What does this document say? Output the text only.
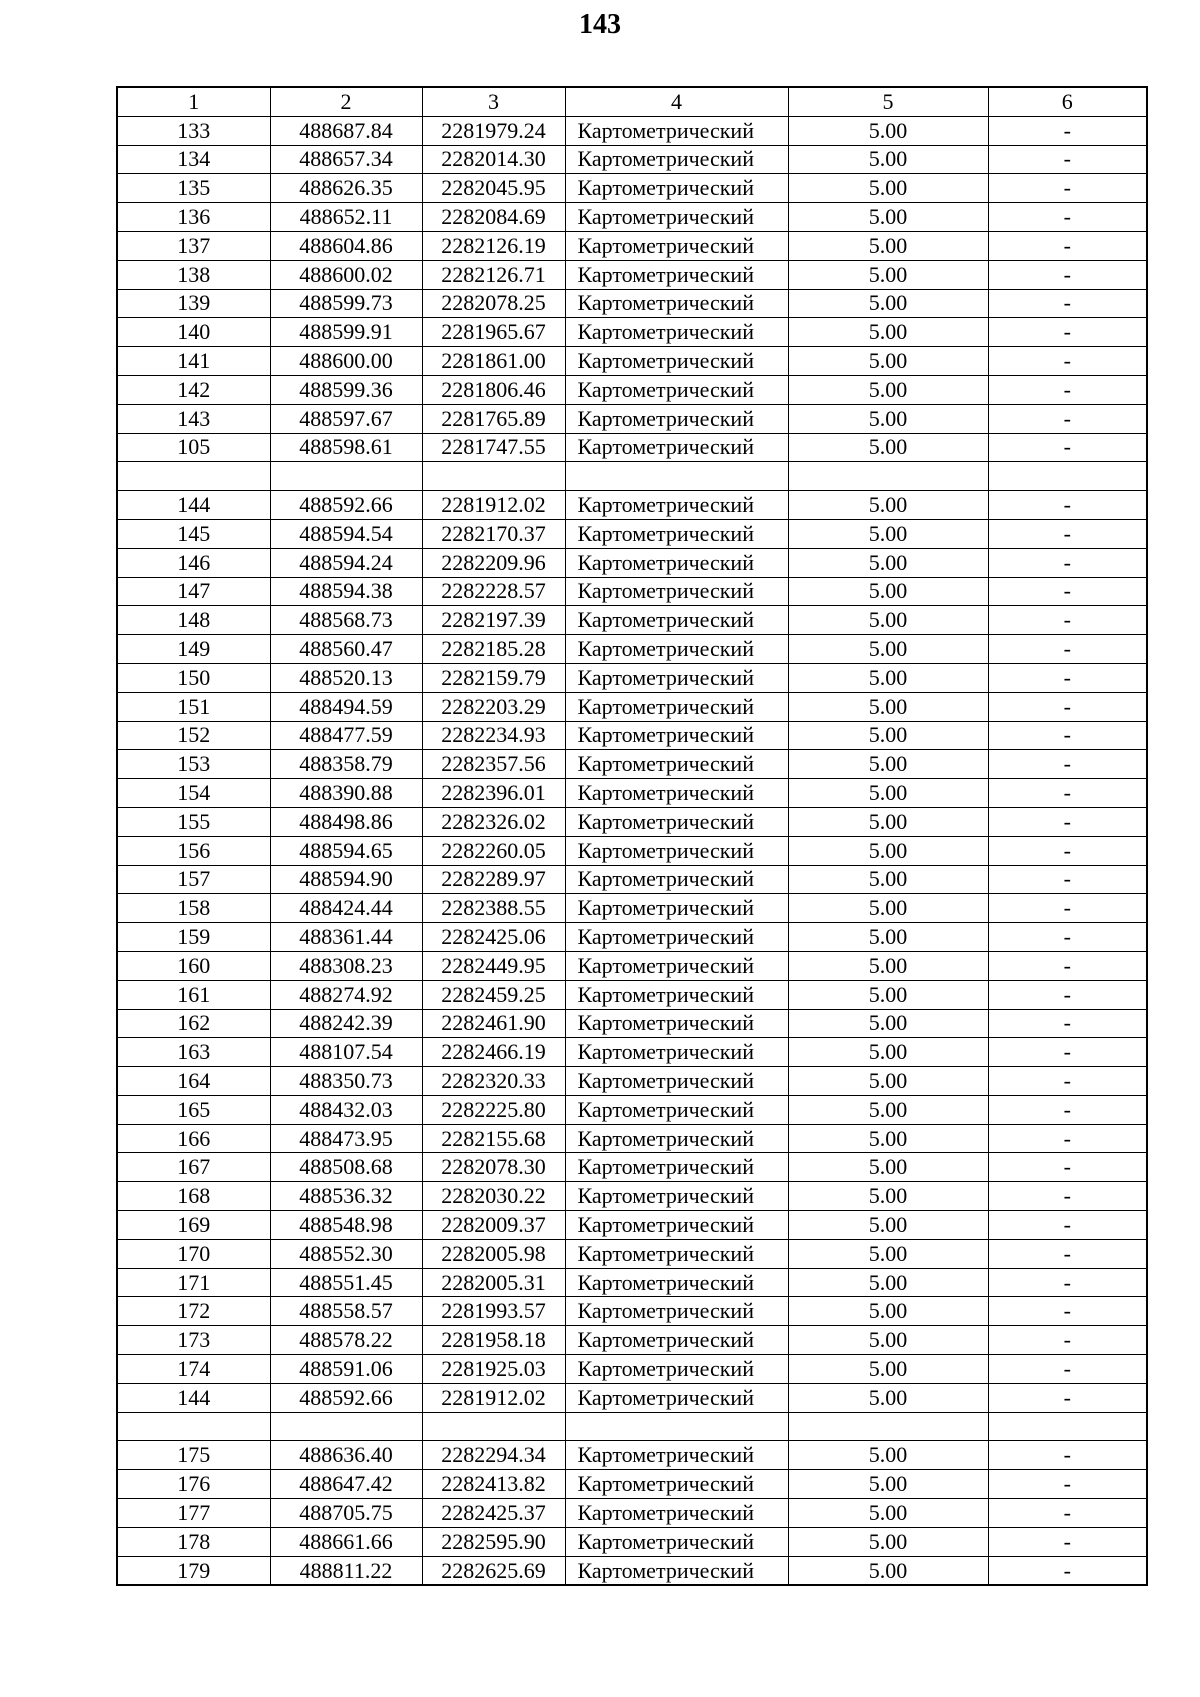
143
1	2	3	4	5	6
133	488687.84	2281979.24	Картометрический	5.00	-
134	488657.34	2282014.30	Картометрический	5.00	-
135	488626.35	2282045.95	Картометрический	5.00	-
136	488652.11	2282084.69	Картометрический	5.00	-
137	488604.86	2282126.19	Картометрический	5.00	-
138	488600.02	2282126.71	Картометрический	5.00	-
139	488599.73	2282078.25	Картометрический	5.00	-
140	488599.91	2281965.67	Картометрический	5.00	-
141	488600.00	2281861.00	Картометрический	5.00	-
142	488599.36	2281806.46	Картометрический	5.00	-
143	488597.67	2281765.89	Картометрический	5.00	-
105	488598.61	2281747.55	Картометрический	5.00	-

144	488592.66	2281912.02	Картометрический	5.00	-
145	488594.54	2282170.37	Картометрический	5.00	-
146	488594.24	2282209.96	Картометрический	5.00	-
147	488594.38	2282228.57	Картометрический	5.00	-
148	488568.73	2282197.39	Картометрический	5.00	-
149	488560.47	2282185.28	Картометрический	5.00	-
150	488520.13	2282159.79	Картометрический	5.00	-
151	488494.59	2282203.29	Картометрический	5.00	-
152	488477.59	2282234.93	Картометрический	5.00	-
153	488358.79	2282357.56	Картометрический	5.00	-
154	488390.88	2282396.01	Картометрический	5.00	-
155	488498.86	2282326.02	Картометрический	5.00	-
156	488594.65	2282260.05	Картометрический	5.00	-
157	488594.90	2282289.97	Картометрический	5.00	-
158	488424.44	2282388.55	Картометрический	5.00	-
159	488361.44	2282425.06	Картометрический	5.00	-
160	488308.23	2282449.95	Картометрический	5.00	-
161	488274.92	2282459.25	Картометрический	5.00	-
162	488242.39	2282461.90	Картометрический	5.00	-
163	488107.54	2282466.19	Картометрический	5.00	-
164	488350.73	2282320.33	Картометрический	5.00	-
165	488432.03	2282225.80	Картометрический	5.00	-
166	488473.95	2282155.68	Картометрический	5.00	-
167	488508.68	2282078.30	Картометрический	5.00	-
168	488536.32	2282030.22	Картометрический	5.00	-
169	488548.98	2282009.37	Картометрический	5.00	-
170	488552.30	2282005.98	Картометрический	5.00	-
171	488551.45	2282005.31	Картометрический	5.00	-
172	488558.57	2281993.57	Картометрический	5.00	-
173	488578.22	2281958.18	Картометрический	5.00	-
174	488591.06	2281925.03	Картометрический	5.00	-
144	488592.66	2281912.02	Картометрический	5.00	-

175	488636.40	2282294.34	Картометрический	5.00	-
176	488647.42	2282413.82	Картометрический	5.00	-
177	488705.75	2282425.37	Картометрический	5.00	-
178	488661.66	2282595.90	Картометрический	5.00	-
179	488811.22	2282625.69	Картометрический	5.00	-
